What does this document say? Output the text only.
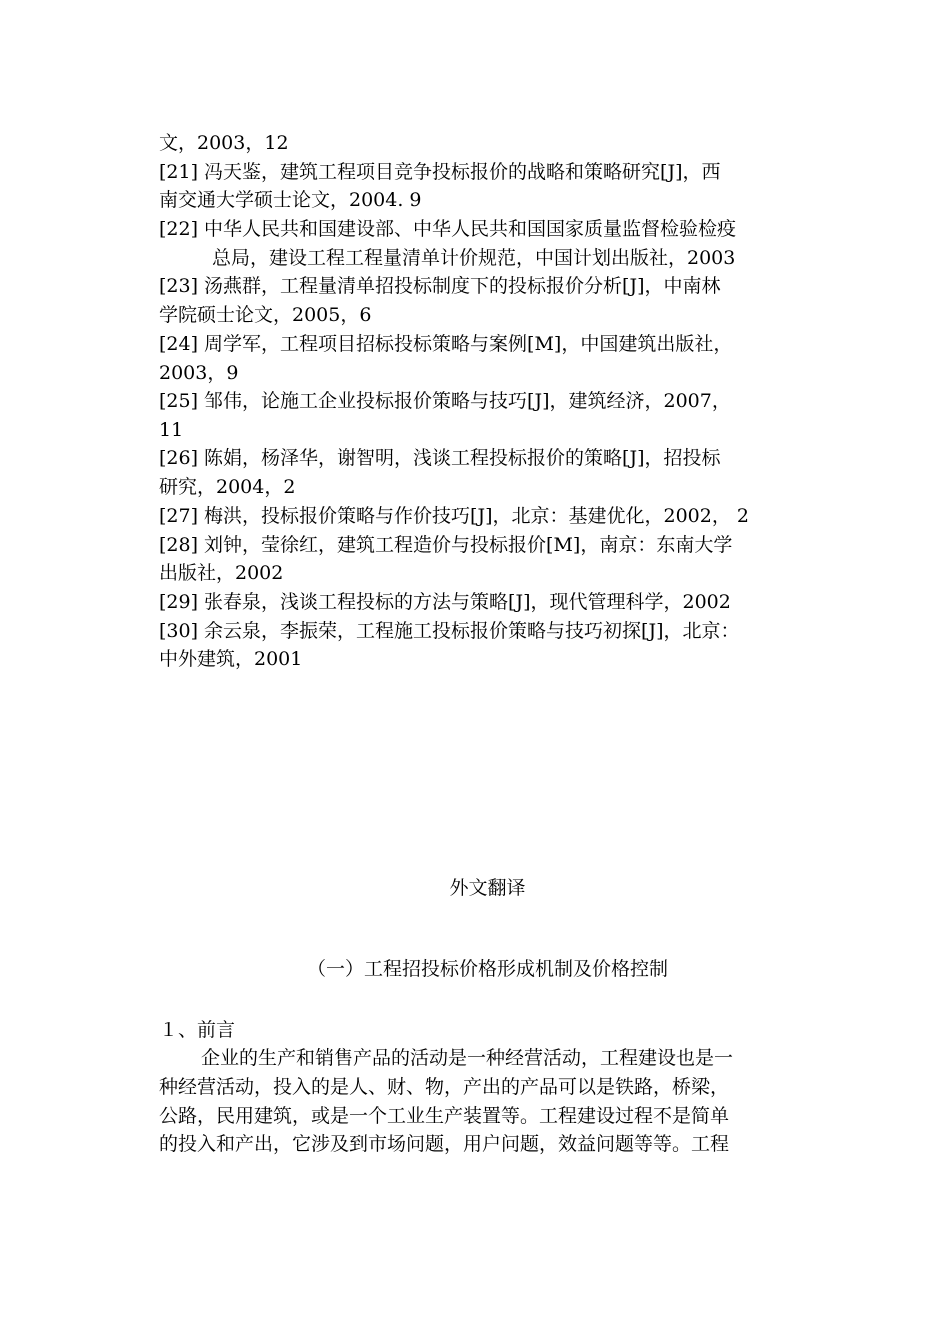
文，2003，12
[21] 冯天鉴，建筑工程项目竞争投标报价的战略和策略研究[J]，西
南交通大学硕士论文，2004. 9
[22] 中华人民共和国建设部、中华人民共和国国家质量监督检验检疫
总局，建设工程工程量清单计价规范，中国计划出版社，2003
[23] 汤燕群，工程量清单招投标制度下的投标报价分析[J]，中南林
学院硕士论文，2005，6
[24] 周学军，工程项目招标投标策略与案例[M]，中国建筑出版社，
2003，9
[25] 邹伟，论施工企业投标报价策略与技巧[J]，建筑经济，2007，
11
[26] 陈娟，杨泽华，谢智明，浅谈工程投标报价的策略[J]，招投标
研究，2004，2
[27] 梅洪，投标报价策略与作价技巧[J]，北京：基建优化，2002， 2
[28] 刘钟，莹徐红，建筑工程造价与投标报价[M]，南京：东南大学
出版社，2002
[29] 张春泉，浅谈工程投标的方法与策略[J]，现代管理科学，2002
[30] 余云泉，李振荣，工程施工投标报价策略与技巧初探[J]，北京：
中外建筑，2001
外文翻译
（一）工程招投标价格形成机制及价格控制
１、前言
企业的生产和销售产品的活动是一种经营活动，工程建设也是一
种经营活动，投入的是人、财、物，产出的产品可以是铁路，桥梁，
公路，民用建筑，或是一个工业生产装置等。工程建设过程不是简单
的投入和产出，它涉及到市场问题，用户问题，效益问题等等。工程
